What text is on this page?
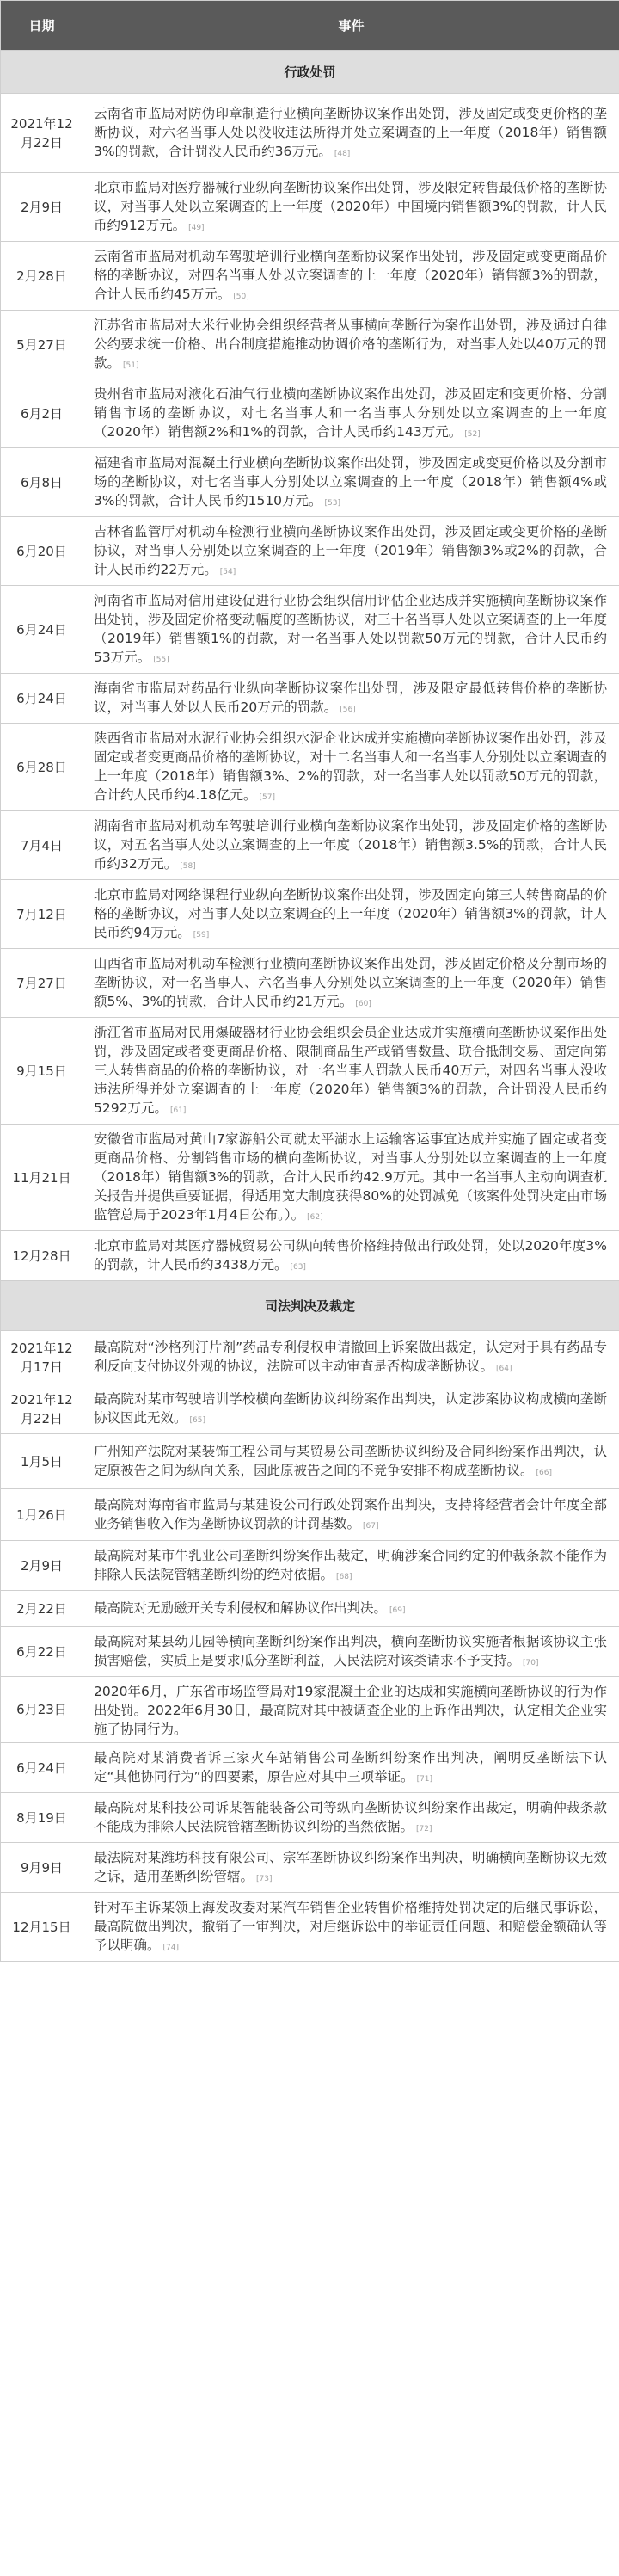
日期	事件
行政处罚	
2021年12月22日	云南省市监局对防伪印章制造行业横向垄断协议案作出处罚，涉及固定或变更价格的垄断协议，对六名当事人处以没收违法所得并处立案调查的上一年度（2018年）销售额3%的罚款，合计罚没人民币约36万元。 [48]
2月9日	北京市监局对医疗器械行业纵向垄断协议案作出处罚，涉及限定转售最低价格的垄断协议，对当事人处以立案调查的上一年度（2020年）中国境内销售额3%的罚款，计人民币约912万元。 [49]
2月28日	云南省市监局对机动车驾驶培训行业横向垄断协议案作出处罚，涉及固定或变更商品价格的垄断协议，对四名当事人处以立案调查的上一年度（2020年）销售额3%的罚款，合计人民币约45万元。 [50]
5月27日	江苏省市监局对大米行业协会组织经营者从事横向垄断行为案作出处罚，涉及通过自律公约要求统一价格、出台制度措施推动协调价格的垄断行为，对当事人处以40万元的罚款。 [51]
6月2日	贵州省市监局对液化石油气行业横向垄断协议案作出处罚，涉及固定和变更价格、分割销售市场的垄断协议，对七名当事人和一名当事人分别处以立案调查的上一年度（2020年）销售额2%和1%的罚款，合计人民币约143万元。 [52]
6月8日	福建省市监局对混凝土行业横向垄断协议案作出处罚，涉及固定或变更价格以及分割市场的垄断协议，对七名当事人分别处以立案调查的上一年度（2018年）销售额4%或3%的罚款，合计人民币约1510万元。 [53]
6月20日	吉林省监管厅对机动车检测行业横向垄断协议案作出处罚，涉及固定或变更价格的垄断协议，对当事人分别处以立案调查的上一年度（2019年）销售额3%或2%的罚款，合计人民币约22万元。 [54]
6月24日	河南省市监局对信用建设促进行业协会组织信用评估企业达成并实施横向垄断协议案作出处罚，涉及固定价格变动幅度的垄断协议，对三十名当事人处以立案调查的上一年度（2019年）销售额1%的罚款，对一名当事人处以罚款50万元的罚款，合计人民币约53万元。 [55]
6月24日	海南省市监局对药品行业纵向垄断协议案作出处罚，涉及限定最低转售价格的垄断协议，对当事人处以人民币20万元的罚款。 [56]
6月28日	陕西省市监局对水泥行业协会组织水泥企业达成并实施横向垄断协议案作出处罚，涉及固定或者变更商品价格的垄断协议，对十二名当事人和一名当事人分别处以立案调查的上一年度（2018年）销售额3%、2%的罚款，对一名当事人处以罚款50万元的罚款，合计约人民币约4.18亿元。 [57]
7月4日	湖南省市监局对机动车驾驶培训行业横向垄断协议案作出处罚，涉及固定价格的垄断协议，对五名当事人处以立案调查的上一年度（2018年）销售额3.5%的罚款，合计人民币约32万元。 [58]
7月12日	北京市监局对网络课程行业纵向垄断协议案作出处罚，涉及固定向第三人转售商品的价格的垄断协议，对当事人处以立案调查的上一年度（2020年）销售额3%的罚款，计人民币约94万元。 [59]
7月27日	山西省市监局对机动车检测行业横向垄断协议案作出处罚，涉及固定价格及分割市场的垄断协议，对一名当事人、六名当事人分别处以立案调查的上一年度（2020年）销售额5%、3%的罚款，合计人民币约21万元。 [60]
9月15日	浙江省市监局对民用爆破器材行业协会组织会员企业达成并实施横向垄断协议案作出处罚，涉及固定或者变更商品价格、限制商品生产或销售数量、联合抵制交易、固定向第三人转售商品的价格的垄断协议，对一名当事人罚款人民币40万元，对四名当事人没收违法所得并处立案调查的上一年度（2020年）销售额3%的罚款，合计罚没人民币约5292万元。 [61]
11月21日	安徽省市监局对黄山7家游船公司就太平湖水上运输客运事宜达成并实施了固定或者变更商品价格、分割销售市场的横向垄断协议，对当事人分别处以立案调查的上一年度（2018年）销售额3%的罚款，合计人民币约42.9万元。其中一名当事人主动向调查机关报告并提供重要证据，得适用宽大制度获得80%的处罚减免（该案件处罚决定由市场监管总局于2023年1月4日公布。）。 [62]
12月28日	北京市监局对某医疗器械贸易公司纵向转售价格维持做出行政处罚，处以2020年度3%的罚款，计人民币约3438万元。 [63]
司法判决及裁定	
2021年12月17日	最高院对“沙格列汀片剂”药品专利侵权申请撤回上诉案做出裁定，认定对于具有药品专利反向支付协议外观的协议，法院可以主动审查是否构成垄断协议。 [64]
2021年12月22日	最高院对某市驾驶培训学校横向垄断协议纠纷案作出判决，认定涉案协议构成横向垄断协议因此无效。 [65]
1月5日	广州知产法院对某装饰工程公司与某贸易公司垄断协议纠纷及合同纠纷案作出判决，认定原被告之间为纵向关系，因此原被告之间的不竞争安排不构成垄断协议。 [66]
1月26日	最高院对海南省市监局与某建设公司行政处罚案作出判决，支持将经营者会计年度全部业务销售收入作为垄断协议罚款的计罚基数。 [67]
2月9日	最高院对某市牛乳业公司垄断纠纷案作出裁定，明确涉案合同约定的仲裁条款不能作为排除人民法院管辖垄断纠纷的绝对依据。 [68]
2月22日	最高院对无励磁开关专利侵权和解协议作出判决。 [69]
6月22日	最高院对某县幼儿园等横向垄断纠纷案作出判决，横向垄断协议实施者根据该协议主张损害赔偿，实质上是要求瓜分垄断利益，人民法院对该类请求不予支持。 [70]
6月23日	2020年6月，广东省市场监管局对19家混凝土企业的达成和实施横向垄断协议的行为作出处罚。2022年6月30日，最高院对其中被调查企业的上诉作出判决，认定相关企业实施了协同行为。
6月24日	最高院对某消费者诉三家火车站销售公司垄断纠纷案作出判决，阐明反垄断法下认定“其他协同行为”的四要素，原告应对其中三项举证。 [71]
8月19日	最高院对某科技公司诉某智能装备公司等纵向垄断协议纠纷案作出裁定，明确仲裁条款不能成为排除人民法院管辖垄断协议纠纷的当然依据。 [72]
9月9日	最法院对某潍坊科技有限公司、宗军垄断协议纠纷案作出判决，明确横向垄断协议无效之诉，适用垄断纠纷管辖。 [73]
12月15日	针对车主诉某领上海发改委对某汽车销售企业转售价格维持处罚决定的后继民事诉讼，最高院做出判决，撤销了一审判决，对后继诉讼中的举证责任问题、和赔偿金额确认等予以明确。 [74]
